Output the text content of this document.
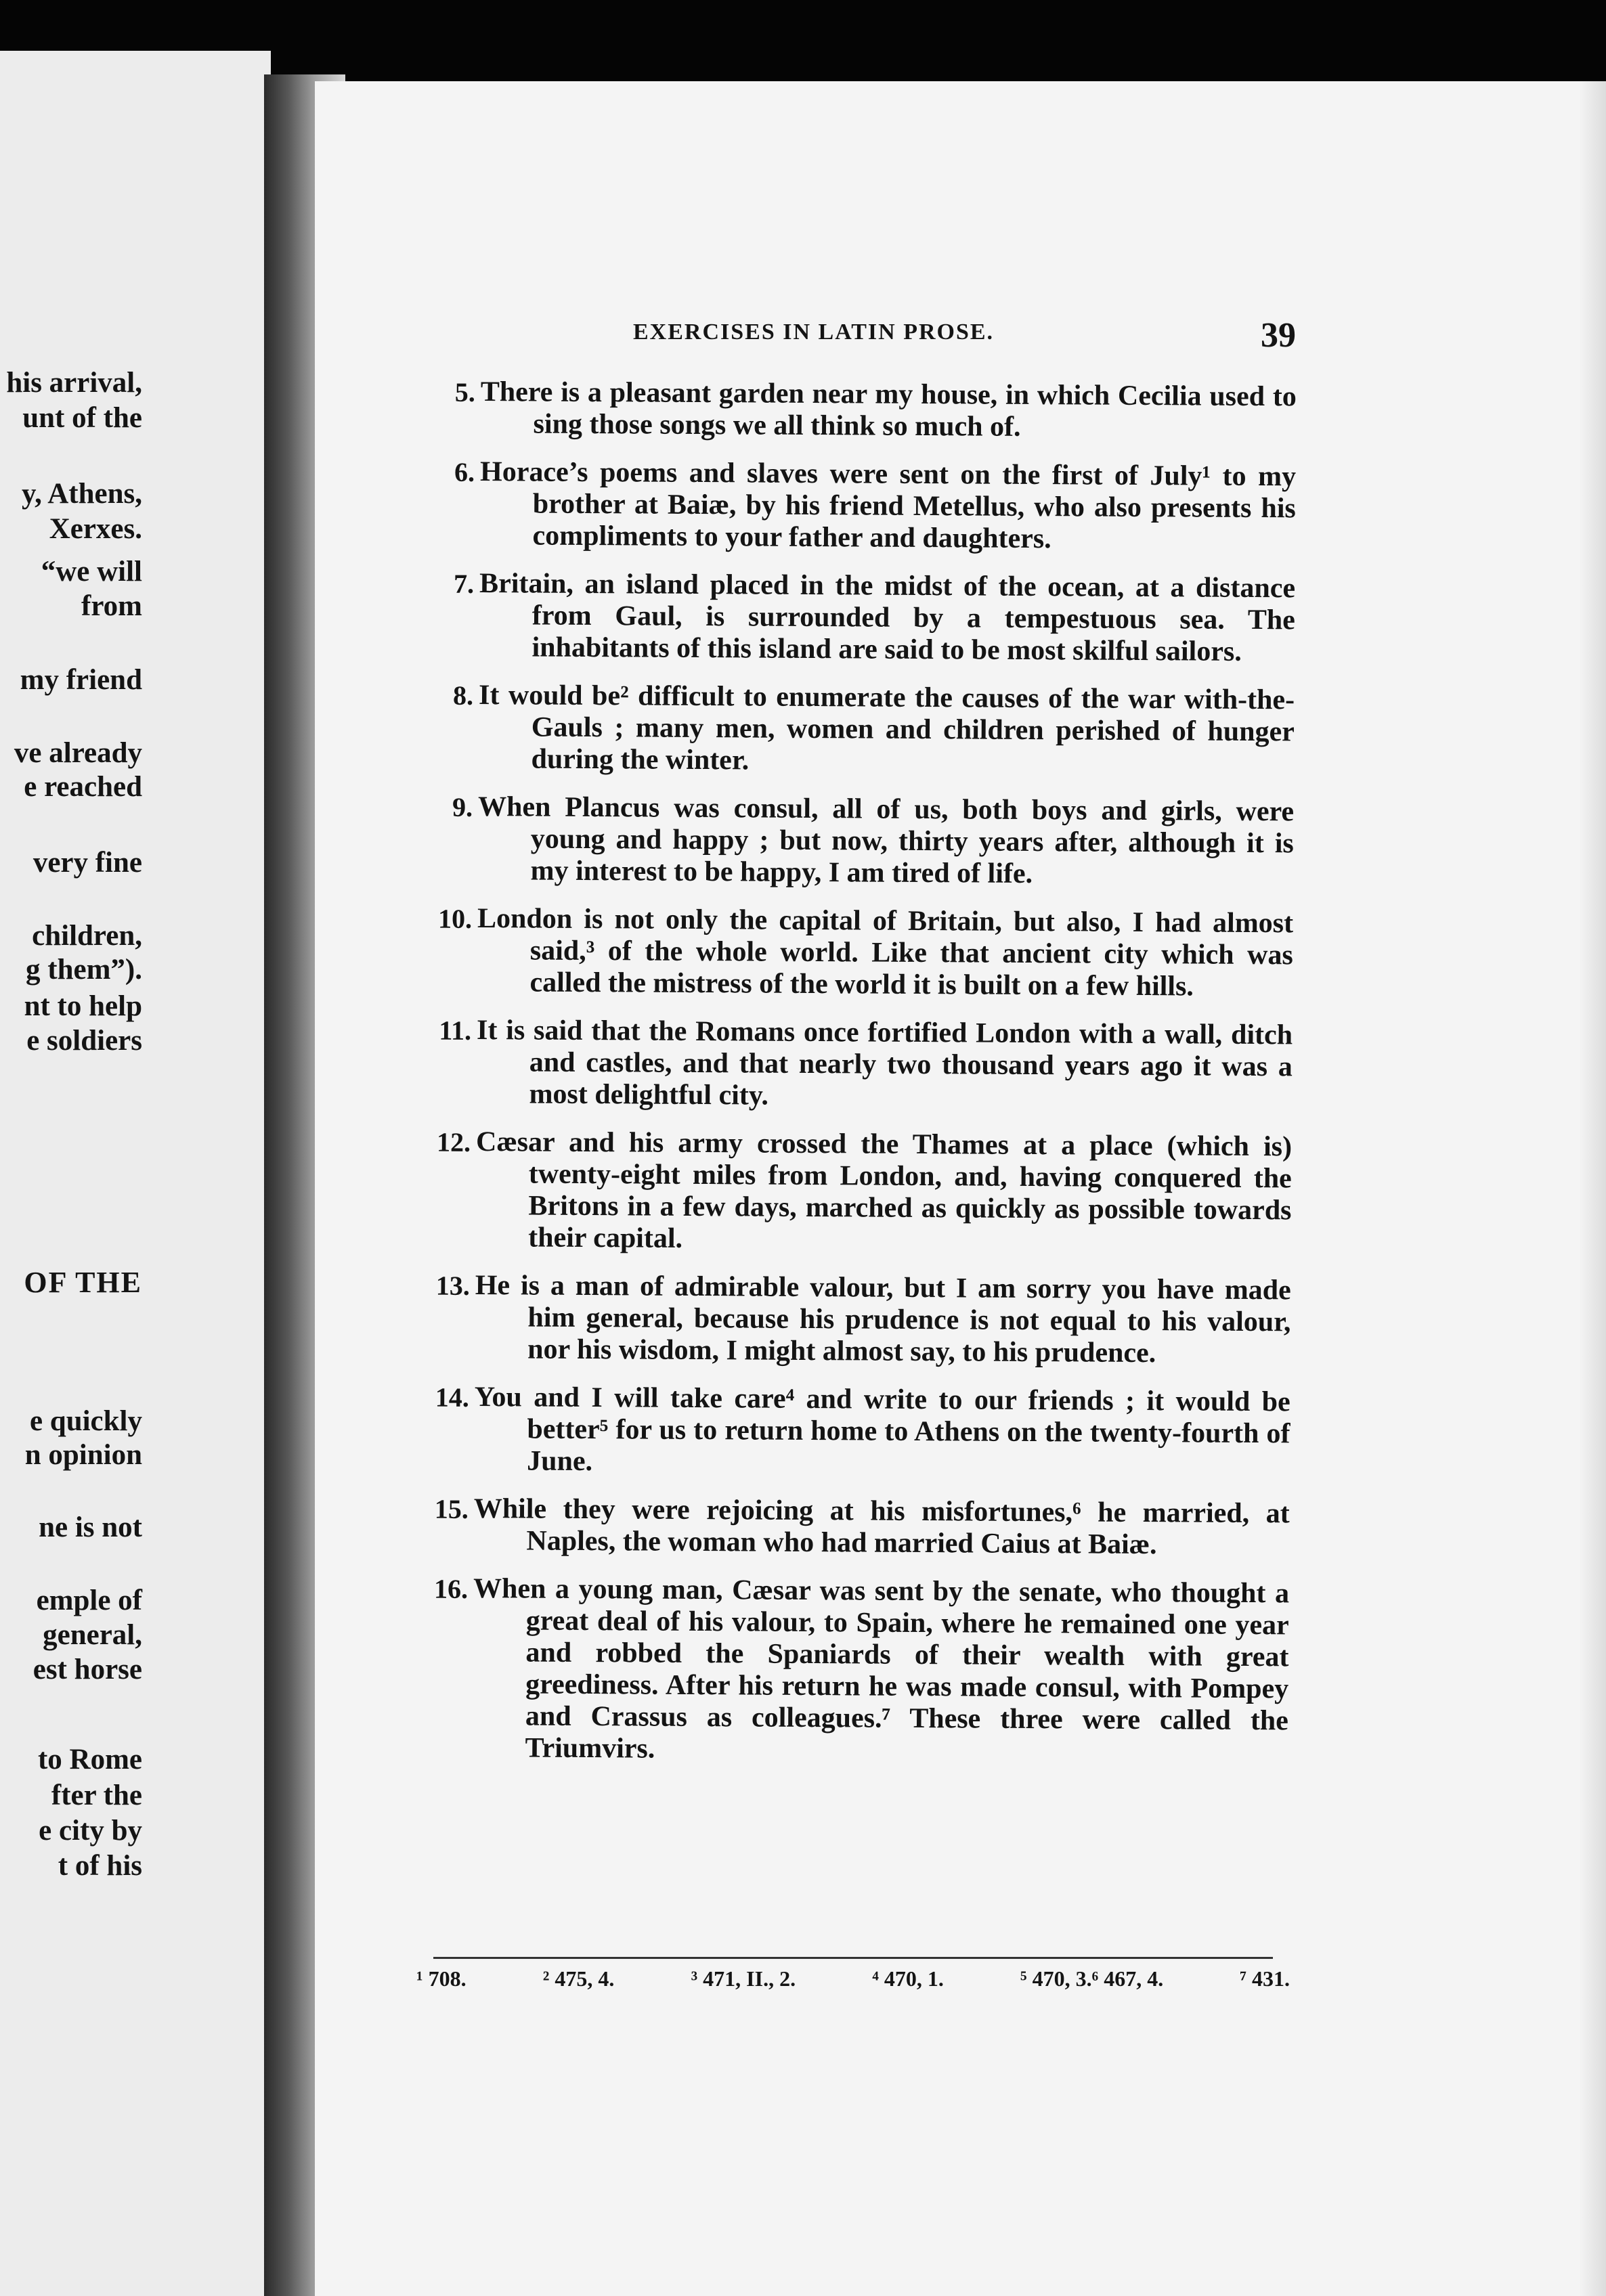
his arrival,
unt of the
y, Athens,
Xerxes.
“we will
from
my friend
ve already
e reached
very fine
children,
g them”).
nt to help
e soldiers
OF THE
e quickly
n opinion
ne is not
emple of
general,
est horse
to Rome
fter the
e city by
t of his
EXERCISES IN LATIN PROSE.	39
5. There is a pleasant garden near my house, in which Cecilia used to sing those songs we all think so much of.
6. Horace’s poems and slaves were sent on the first of July¹ to my brother at Baiæ, by his friend Metellus, who also presents his compliments to your father and daughters.
7. Britain, an island placed in the midst of the ocean, at a distance from Gaul, is surrounded by a tempestuous sea. The inhabitants of this island are said to be most skilful sailors.
8. It would be² difficult to enumerate the causes of the war with-the-Gauls ; many men, women and children perished of hunger during the winter.
9. When Plancus was consul, all of us, both boys and girls, were young and happy ; but now, thirty years after, although it is my interest to be happy, I am tired of life.
10. London is not only the capital of Britain, but also, I had almost said,³ of the whole world. Like that ancient city which was called the mistress of the world it is built on a few hills.
11. It is said that the Romans once fortified London with a wall, ditch and castles, and that nearly two thousand years ago it was a most delightful city.
12. Cæsar and his army crossed the Thames at a place (which is) twenty-eight miles from London, and, having conquered the Britons in a few days, marched as quickly as possible towards their capital.
13. He is a man of admirable valour, but I am sorry you have made him general, because his prudence is not equal to his valour, nor his wisdom, I might almost say, to his prudence.
14. You and I will take care⁴ and write to our friends ; it would be better⁵ for us to return home to Athens on the twenty-fourth of June.
15. While they were rejoicing at his misfortunes,⁶ he married, at Naples, the woman who had married Caius at Baiæ.
16. When a young man, Cæsar was sent by the senate, who thought a great deal of his valour, to Spain, where he remained one year and robbed the Spaniards of their wealth with great greediness. After his return he was made consul, with Pompey and Crassus as colleagues.⁷ These three were called the Triumvirs.
¹ 708.	² 475, 4.	³ 471, II., 2.	⁴ 470, 1.	⁵ 470, 3.⁶ 467, 4.	⁷ 431.
